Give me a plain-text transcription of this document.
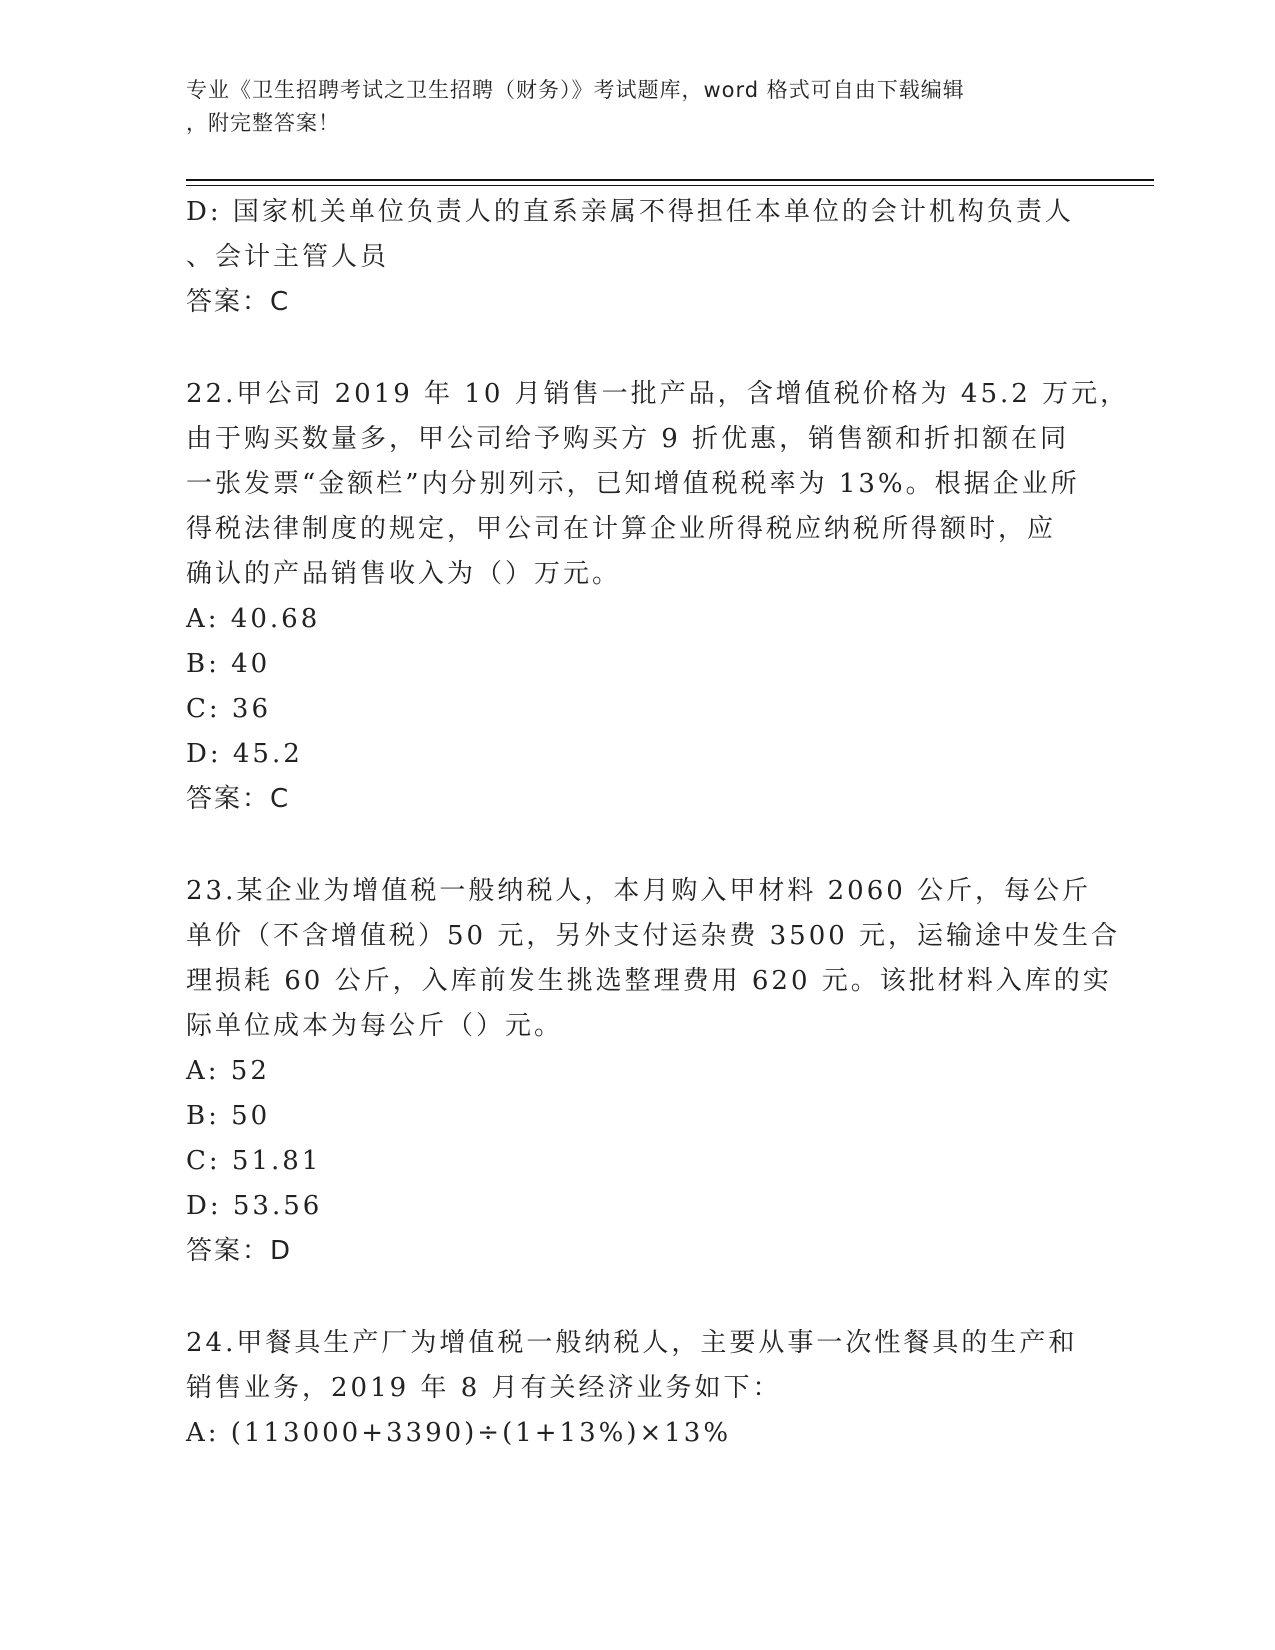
专业《卫生招聘考试之卫生招聘（财务）》考试题库，word 格式可自由下载编辑
，附完整答案！
D: 国家机关单位负责人的直系亲属不得担任本单位的会计机构负责人
、会计主管人员
答案：C
22.甲公司 2019 年 10 月销售一批产品，含增值税价格为 45.2 万元，
由于购买数量多，甲公司给予购买方 9 折优惠，销售额和折扣额在同
一张发票“金额栏”内分别列示，已知增值税税率为 13%。根据企业所
得税法律制度的规定，甲公司在计算企业所得税应纳税所得额时，应
确认的产品销售收入为（）万元。
A: 40.68
B: 40
C: 36
D: 45.2
答案：C
23.某企业为增值税一般纳税人，本月购入甲材料 2060 公斤，每公斤
单价（不含增值税）50 元，另外支付运杂费 3500 元，运输途中发生合
理损耗 60 公斤，入库前发生挑选整理费用 620 元。该批材料入库的实
际单位成本为每公斤（）元。
A: 52
B: 50
C: 51.81
D: 53.56
答案：D
24.甲餐具生产厂为增值税一般纳税人，主要从事一次性餐具的生产和
销售业务，2019 年 8 月有关经济业务如下：
A: (113000+3390)÷(1+13%)×13%
